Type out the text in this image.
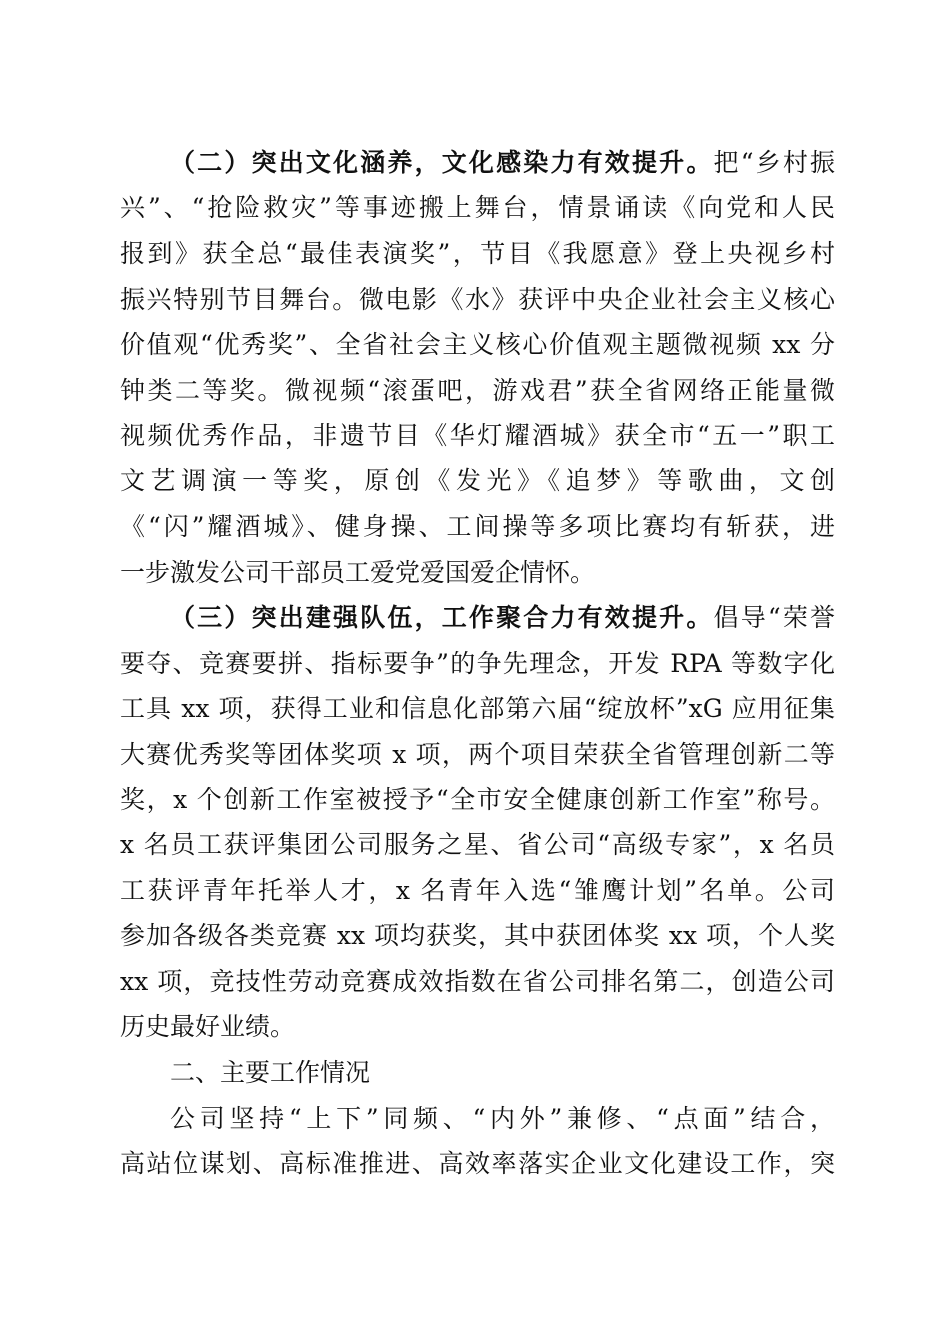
（二）突出文化涵养，文化感染力有效提升。把“乡村振
兴”、“抢险救灾”等事迹搬上舞台，情景诵读《向党和人民
报到》获全总“最佳表演奖”，节目《我愿意》登上央视乡村
振兴特别节目舞台。微电影《水》获评中央企业社会主义核心
价值观“优秀奖”、全省社会主义核心价值观主题微视频 xx 分
钟类二等奖。微视频“滚蛋吧，游戏君”获全省网络正能量微
视频优秀作品，非遗节目《华灯耀酒城》获全市“五一”职工
文艺调演一等奖，原创《发光》《追梦》等歌曲，文创
《“闪”耀酒城》、健身操、工间操等多项比赛均有斩获，进
一步激发公司干部员工爱党爱国爱企情怀。
（三）突出建强队伍，工作聚合力有效提升。倡导“荣誉
要夺、竞赛要拼、指标要争”的争先理念，开发 RPA 等数字化
工具 xx 项，获得工业和信息化部第六届“绽放杯”xG 应用征集
大赛优秀奖等团体奖项 x 项，两个项目荣获全省管理创新二等
奖，x 个创新工作室被授予“全市安全健康创新工作室”称号。
x 名员工获评集团公司服务之星、省公司“高级专家”，x 名员
工获评青年托举人才，x 名青年入选“雏鹰计划”名单。公司
参加各级各类竞赛 xx 项均获奖，其中获团体奖 xx 项，个人奖
xx 项，竞技性劳动竞赛成效指数在省公司排名第二，创造公司
历史最好业绩。
二、主要工作情况
公司坚持“上下”同频、“内外”兼修、“点面”结合，
高站位谋划、高标准推进、高效率落实企业文化建设工作，突
